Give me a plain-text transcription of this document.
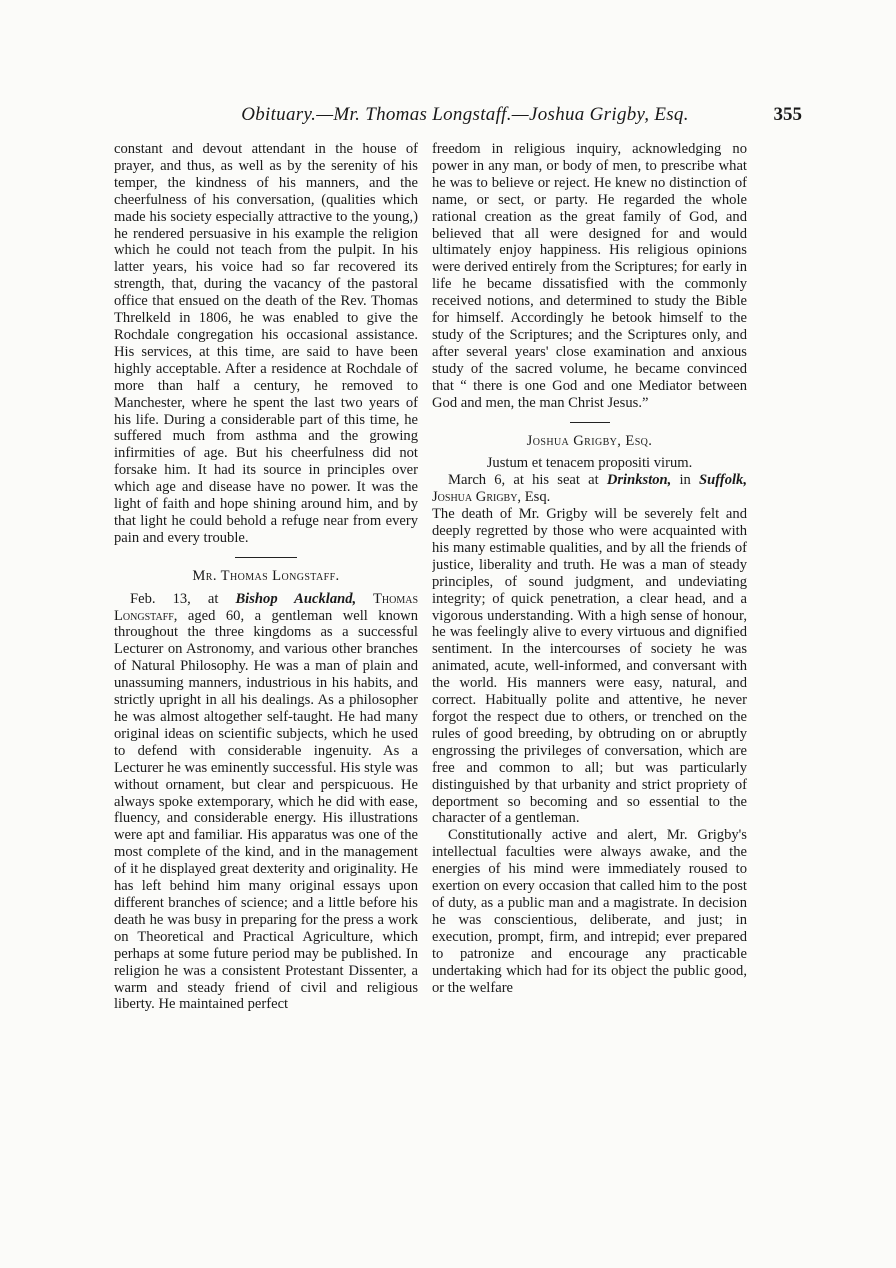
Obituary.—Mr. Thomas Longstaff.—Joshua Grigby, Esq.	355

constant and devout attendant in the house of prayer, and thus, as well as by the serenity of his temper, the kindness of his manners, and the cheerfulness of his conversation, (qualities which made his society especially attractive to the young,) he rendered persuasive in his example the religion which he could not teach from the pulpit. In his latter years, his voice had so far recovered its strength, that, during the vacancy of the pastoral office that ensued on the death of the Rev. Thomas Threlkeld in 1806, he was enabled to give the Rochdale congregation his occasional assistance. His services, at this time, are said to have been highly acceptable. After a residence at Rochdale of more than half a century, he removed to Manchester, where he spent the last two years of his life. During a considerable part of this time, he suffered much from asthma and the growing infirmities of age. But his cheerfulness did not forsake him. It had its source in principles over which age and disease have no power. It was the light of faith and hope shining around him, and by that light he could behold a refuge near from every pain and every trouble.

Mr. Thomas Longstaff.

Feb. 13, at Bishop Auckland, Thomas Longstaff, aged 60, a gentleman well known throughout the three kingdoms as a successful Lecturer on Astronomy, and various other branches of Natural Philosophy. He was a man of plain and unassuming manners, industrious in his habits, and strictly upright in all his dealings. As a philosopher he was almost altogether self-taught. He had many original ideas on scientific subjects, which he used to defend with considerable ingenuity. As a Lecturer he was eminently successful. His style was without ornament, but clear and perspicuous. He always spoke extemporary, which he did with ease, fluency, and considerable energy. His illustrations were apt and familiar. His apparatus was one of the most complete of the kind, and in the management of it he displayed great dexterity and originality. He has left behind him many original essays upon different branches of science; and a little before his death he was busy in preparing for the press a work on Theoretical and Practical Agriculture, which perhaps at some future period may be published. In religion he was a consistent Protestant Dissenter, a warm and steady friend of civil and religious liberty. He maintained perfect

freedom in religious inquiry, acknowledging no power in any man, or body of men, to prescribe what he was to believe or reject. He knew no distinction of name, or sect, or party. He regarded the whole rational creation as the great family of God, and believed that all were designed for and would ultimately enjoy happiness. His religious opinions were derived entirely from the Scriptures; for early in life he became dissatisfied with the commonly received notions, and determined to study the Bible for himself. Accordingly he betook himself to the study of the Scriptures; and the Scriptures only, and after several years' close examination and anxious study of the sacred volume, he became convinced that “ there is one God and one Mediator between God and men, the man Christ Jesus.”

Joshua Grigby, Esq.

Justum et tenacem propositi virum.

March 6, at his seat at Drinkston, in Suffolk, Joshua Grigby, Esq.

The death of Mr. Grigby will be severely felt and deeply regretted by those who were acquainted with his many estimable qualities, and by all the friends of justice, liberality and truth. He was a man of steady principles, of sound judgment, and undeviating integrity; of quick penetration, a clear head, and a vigorous understanding. With a high sense of honour, he was feelingly alive to every virtuous and dignified sentiment. In the intercourses of society he was animated, acute, well-informed, and conversant with the world. His manners were easy, natural, and correct. Habitually polite and attentive, he never forgot the respect due to others, or trenched on the rules of good breeding, by obtruding on or abruptly engrossing the privileges of conversation, which are free and common to all; but was particularly distinguished by that urbanity and strict propriety of deportment so becoming and so essential to the character of a gentleman.

Constitutionally active and alert, Mr. Grigby's intellectual faculties were always awake, and the energies of his mind were immediately roused to exertion on every occasion that called him to the post of duty, as a public man and a magistrate. In decision he was conscientious, deliberate, and just; in execution, prompt, firm, and intrepid; ever prepared to patronize and encourage any practicable undertaking which had for its object the public good, or the welfare
